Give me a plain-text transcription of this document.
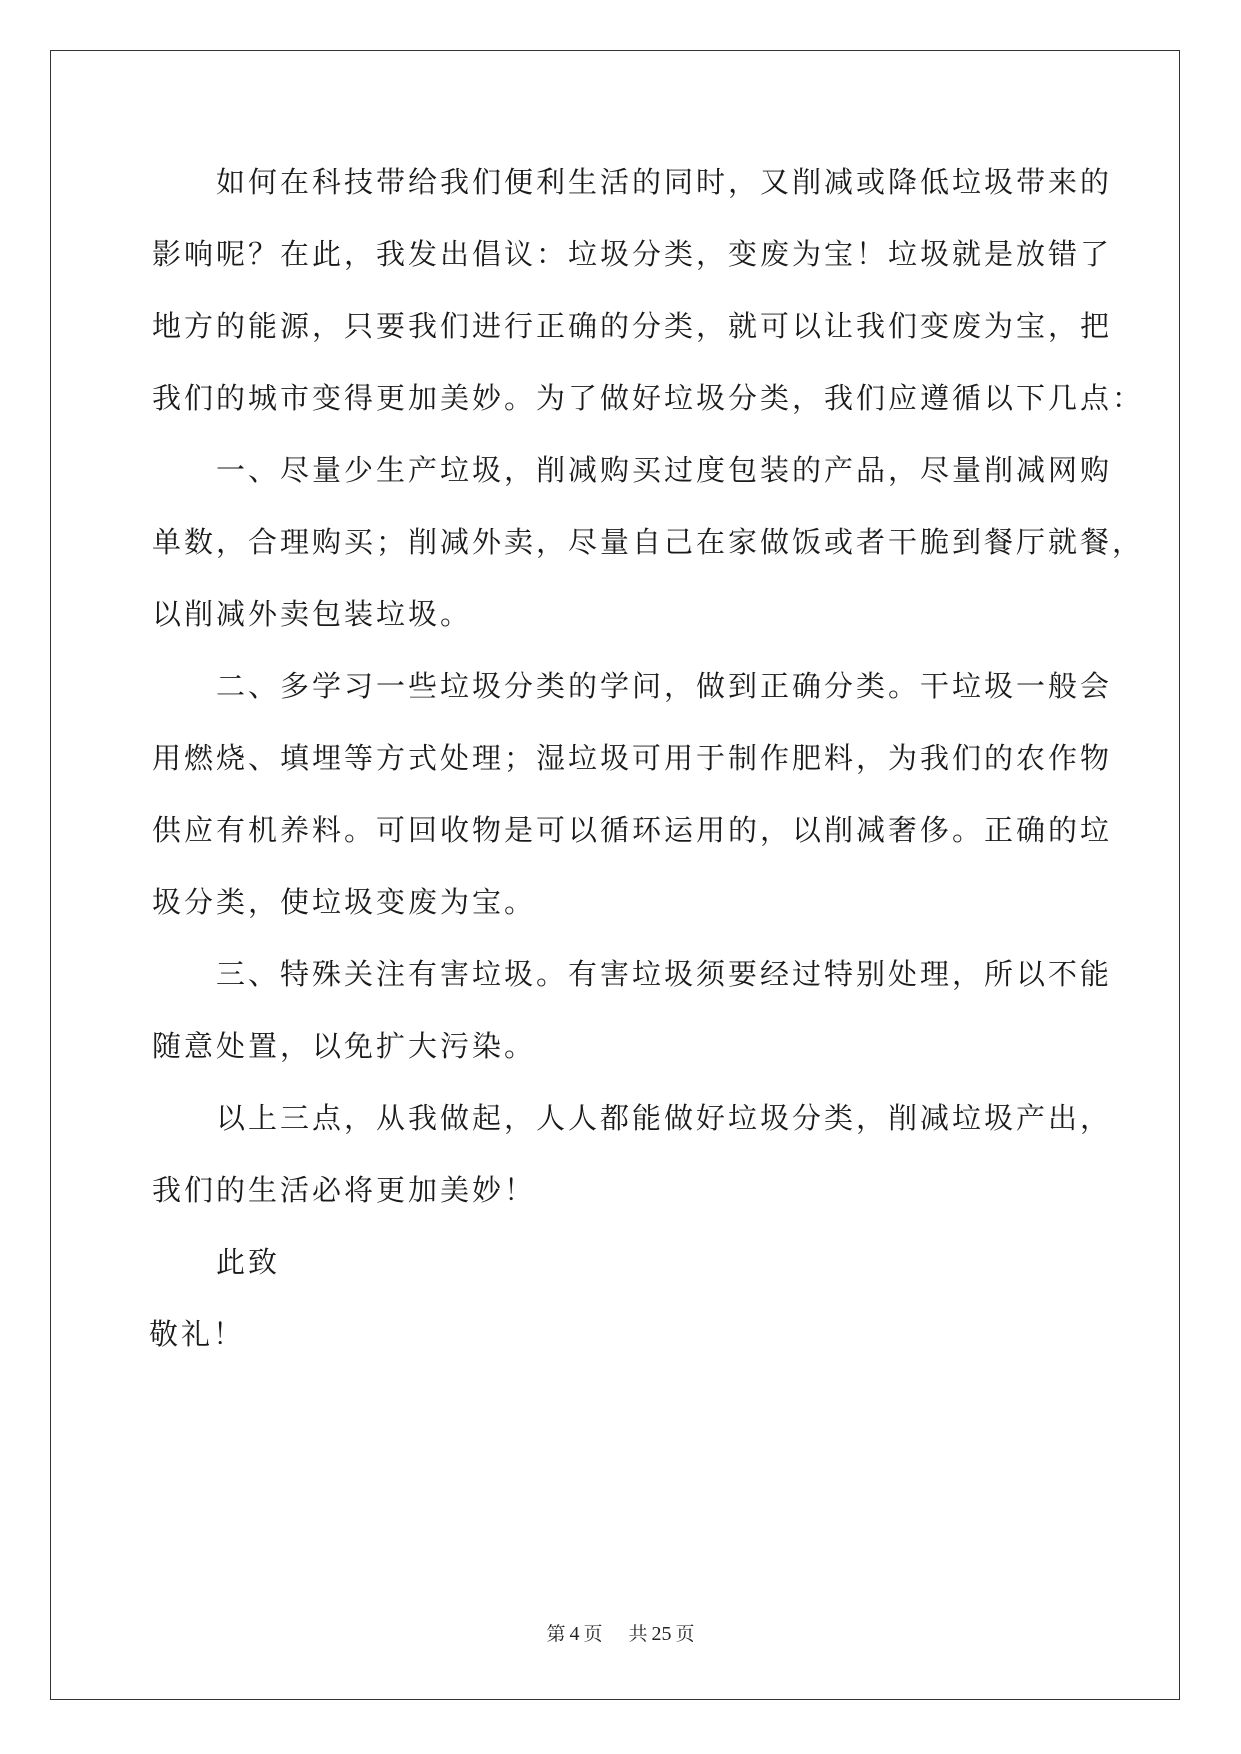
　　如何在科技带给我们便利生活的同时，又削减或降低垃圾带来的
影响呢？在此，我发出倡议：垃圾分类，变废为宝！垃圾就是放错了
地方的能源，只要我们进行正确的分类，就可以让我们变废为宝，把
我们的城市变得更加美妙。为了做好垃圾分类，我们应遵循以下几点：
　　一、尽量少生产垃圾，削减购买过度包装的产品，尽量削减网购
单数，合理购买；削减外卖，尽量自己在家做饭或者干脆到餐厅就餐，
以削减外卖包装垃圾。
　　二、多学习一些垃圾分类的学问，做到正确分类。干垃圾一般会
用燃烧、填埋等方式处理；湿垃圾可用于制作肥料，为我们的农作物
供应有机养料。可回收物是可以循环运用的，以削减奢侈。正确的垃
圾分类，使垃圾变废为宝。
　　三、特殊关注有害垃圾。有害垃圾须要经过特别处理，所以不能
随意处置，以免扩大污染。
　　以上三点，从我做起，人人都能做好垃圾分类，削减垃圾产出，
我们的生活必将更加美妙！
　　此致
敬礼！
第 4 页 共 25 页
